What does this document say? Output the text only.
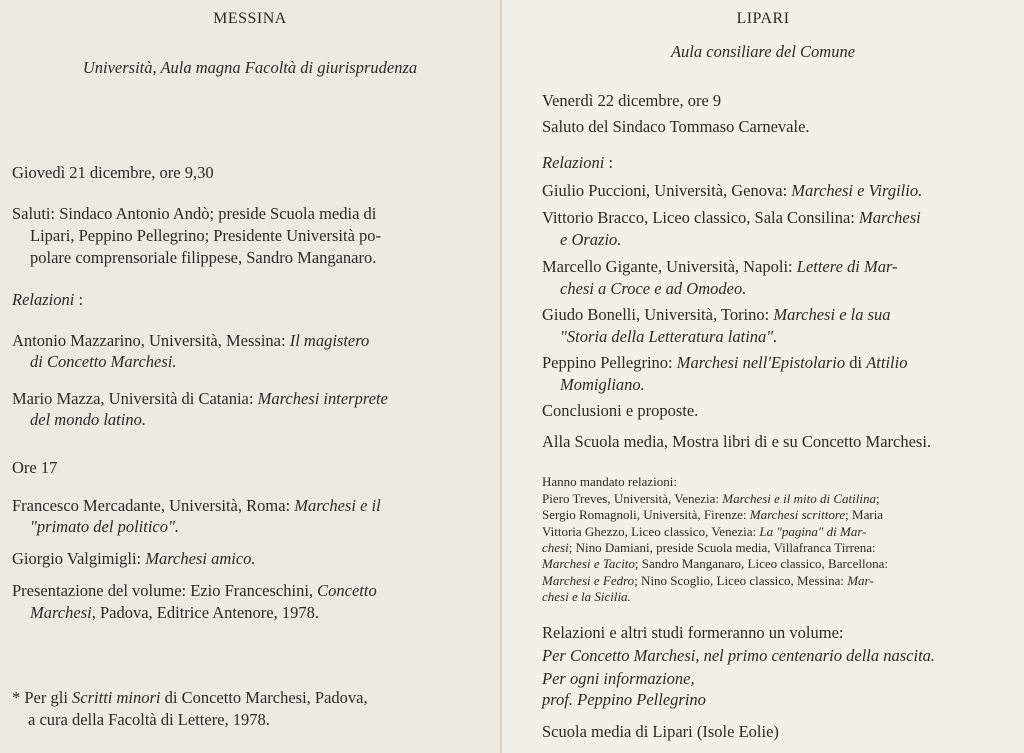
MESSINA

Università, Aula magna Facoltà di giurisprudenza

Giovedì 21 dicembre, ore 9,30

Saluti: Sindaco Antonio Andò; preside Scuola media di

Lipari, Peppino Pellegrino; Presidente Università po-

polare comprensoriale filippese, Sandro Manganaro.

Relazioni :

Antonio Mazzarino, Università, Messina: Il magistero

di Concetto Marchesi.

Mario Mazza, Università di Catania: Marchesi interprete

del mondo latino.

Ore 17

Francesco Mercadante, Università, Roma: Marchesi e il

"primato del politico".

Giorgio Valgimigli: Marchesi amico.

Presentazione del volume: Ezio Franceschini, Concetto

Marchesi, Padova, Editrice Antenore, 1978.

* Per gli Scritti minori di Concetto Marchesi, Padova,

a cura della Facoltà di Lettere, 1978.

LIPARI

Aula consiliare del Comune

Venerdì 22 dicembre, ore 9

Saluto del Sindaco Tommaso Carnevale.

Relazioni :

Giulio Puccioni, Università, Genova: Marchesi e Virgilio.

Vittorio Bracco, Liceo classico, Sala Consilina: Marchesi

e Orazio.

Marcello Gigante, Università, Napoli: Lettere di Mar-

chesi a Croce e ad Omodeo.

Giudo Bonelli, Università, Torino: Marchesi e la sua

"Storia della Letteratura latina".

Peppino Pellegrino: Marchesi nell'Epistolario di Attilio

Momigliano.

Conclusioni e proposte.

Alla Scuola media, Mostra libri di e su Concetto Marchesi.

Hanno mandato relazioni:

Piero Treves, Università, Venezia: Marchesi e il mito di Catilina;

Sergio Romagnoli, Università, Firenze: Marchesi scrittore; Maria

Vittoria Ghezzo, Liceo classico, Venezia: La "pagina" di Mar-

chesi; Nino Damiani, preside Scuola media, Villafranca Tirrena:

Marchesi e Tacito; Sandro Manganaro, Liceo classico, Barcellona:

Marchesi e Fedro; Nino Scoglio, Liceo classico, Messina: Mar-

chesi e la Sicilia.

Relazioni e altri studi formeranno un volume:

Per Concetto Marchesi, nel primo centenario della nascita.

Per ogni informazione,

prof. Peppino Pellegrino

Scuola media di Lipari (Isole Eolie)
